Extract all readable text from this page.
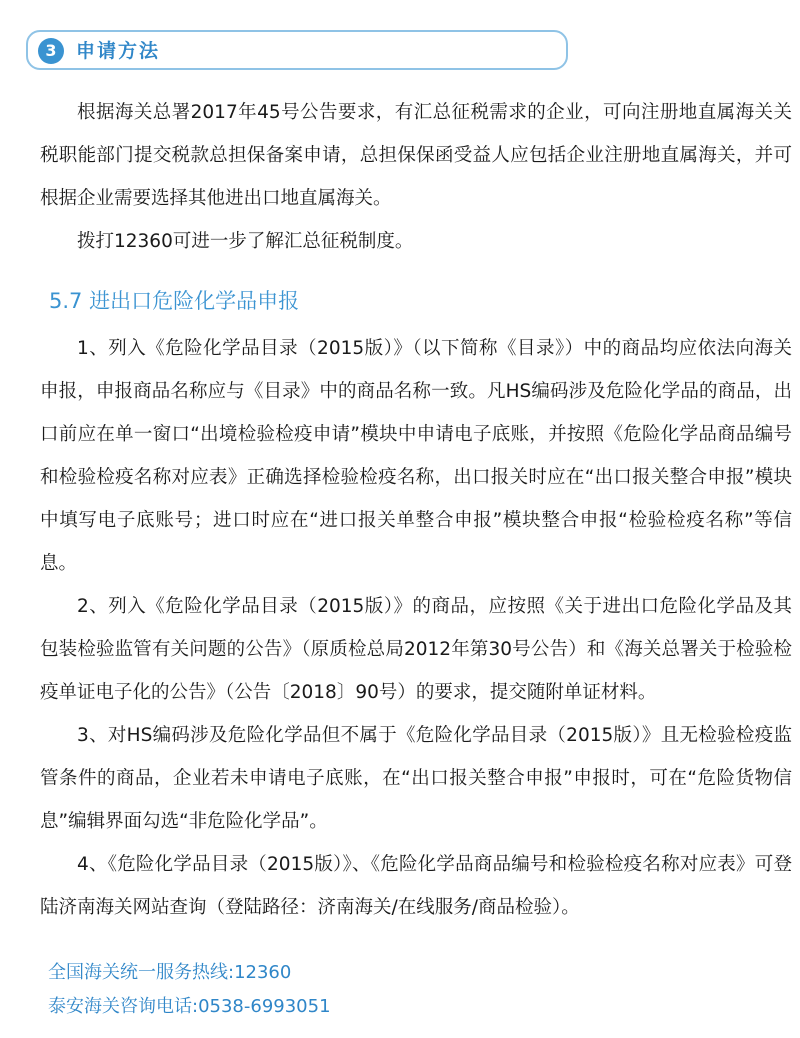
3	申请方法

根据海关总署2017年45号公告要求，有汇总征税需求的企业，可向注册地直属海关关税职能部门提交税款总担保备案申请，总担保保函受益人应包括企业注册地直属海关，并可根据企业需要选择其他进出口地直属海关。

拨打12360可进一步了解汇总征税制度。

5.7 进出口危险化学品申报

1、列入《危险化学品目录（2015版）》（以下简称《目录》）中的商品均应依法向海关申报，申报商品名称应与《目录》中的商品名称一致。凡HS编码涉及危险化学品的商品，出口前应在单一窗口“出境检验检疫申请”模块中申请电子底账，并按照《危险化学品商品编号和检验检疫名称对应表》正确选择检验检疫名称，出口报关时应在“出口报关整合申报”模块中填写电子底账号；进口时应在“进口报关单整合申报”模块整合申报“检验检疫名称”等信息。

2、列入《危险化学品目录（2015版）》的商品，应按照《关于进出口危险化学品及其包装检验监管有关问题的公告》（原质检总局2012年第30号公告）和《海关总署关于检验检疫单证电子化的公告》（公告〔2018〕90号）的要求，提交随附单证材料。

3、对HS编码涉及危险化学品但不属于《危险化学品目录（2015版）》且无检验检疫监管条件的商品，企业若未申请电子底账，在“出口报关整合申报”申报时，可在“危险货物信息”编辑界面勾选“非危险化学品”。

4、《危险化学品目录（2015版）》、《危险化学品商品编号和检验检疫名称对应表》可登陆济南海关网站查询（登陆路径：济南海关/在线服务/商品检验）。

全国海关统一服务热线:12360
泰安海关咨询电话:0538-6993051
